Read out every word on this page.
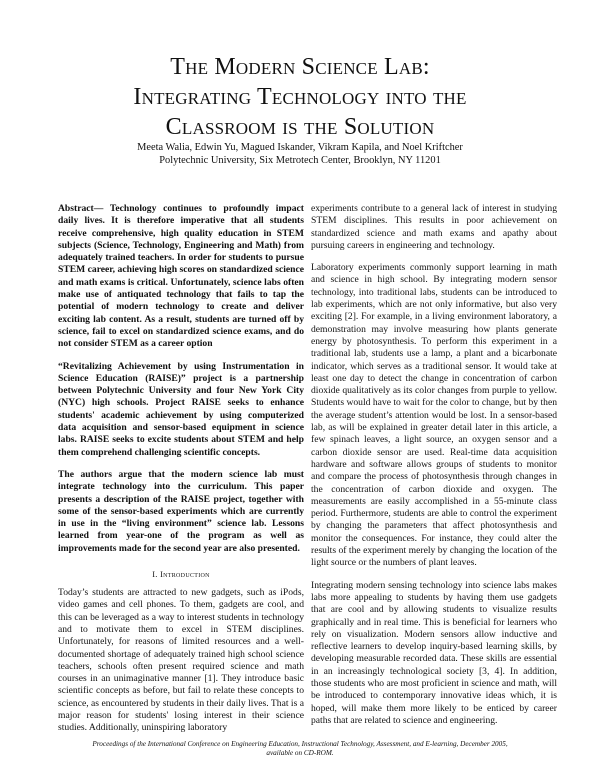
The Modern Science Lab:
Integrating Technology into the
Classroom is the Solution
Meeta Walia, Edwin Yu, Magued Iskander, Vikram Kapila, and Noel Kriftcher
Polytechnic University, Six Metrotech Center, Brooklyn, NY 11201

Abstract— Technology continues to profoundly impact daily lives. It is therefore imperative that all students receive comprehensive, high quality education in STEM subjects (Science, Technology, Engineering and Math) from adequately trained teachers. In order for students to pursue STEM career, achieving high scores on standardized science and math exams is critical. Unfortunately, science labs often make use of antiquated technology that fails to tap the potential of modern technology to create and deliver exciting lab content. As a result, students are turned off by science, fail to excel on standardized science exams, and do not consider STEM as a career option

“Revitalizing Achievement by using Instrumentation in Science Education (RAISE)” project is a partnership between Polytechnic University and four New York City (NYC) high schools. Project RAISE seeks to enhance students' academic achievement by using computerized data acquisition and sensor-based equipment in science labs. RAISE seeks to excite students about STEM and help them comprehend challenging scientific concepts.

The authors argue that the modern science lab must integrate technology into the curriculum. This paper presents a description of the RAISE project, together with some of the sensor-based experiments which are currently in use in the “living environment” science lab. Lessons learned from year-one of the program as well as improvements made for the second year are also presented.

I. Introduction

Today’s students are attracted to new gadgets, such as iPods, video games and cell phones. To them, gadgets are cool, and this can be leveraged as a way to interest students in technology and to motivate them to excel in STEM disciplines. Unfortunately, for reasons of limited resources and a well-documented shortage of adequately trained high school science teachers, schools often present required science and math courses in an unimaginative manner [1]. They introduce basic scientific concepts as before, but fail to relate these concepts to science, as encountered by students in their daily lives. That is a major reason for students' losing interest in their science studies. Additionally, uninspiring laboratory

experiments contribute to a general lack of interest in studying STEM disciplines. This results in poor achievement on standardized science and math exams and apathy about pursuing careers in engineering and technology.

Laboratory experiments commonly support learning in math and science in high school. By integrating modern sensor technology, into traditional labs, students can be introduced to lab experiments, which are not only informative, but also very exciting [2]. For example, in a living environment laboratory, a demonstration may involve measuring how plants generate energy by photosynthesis. To perform this experiment in a traditional lab, students use a lamp, a plant and a bicarbonate indicator, which serves as a traditional sensor. It would take at least one day to detect the change in concentration of carbon dioxide qualitatively as its color changes from purple to yellow. Students would have to wait for the color to change, but by then the average student’s attention would be lost. In a sensor-based lab, as will be explained in greater detail later in this article, a few spinach leaves, a light source, an oxygen sensor and a carbon dioxide sensor are used. Real-time data acquisition hardware and software allows groups of students to monitor and compare the process of photosynthesis through changes in the concentration of carbon dioxide and oxygen. The measurements are easily accomplished in a 55-minute class period. Furthermore, students are able to control the experiment by changing the parameters that affect photosynthesis and monitor the consequences. For instance, they could alter the results of the experiment merely by changing the location of the light source or the numbers of plant leaves.

Integrating modern sensing technology into science labs makes labs more appealing to students by having them use gadgets that are cool and by allowing students to visualize results graphically and in real time. This is beneficial for learners who rely on visualization. Modern sensors allow inductive and reflective learners to develop inquiry-based learning skills, by developing measurable recorded data. These skills are essential in an increasingly technological society [3, 4]. In addition, those students who are most proficient in science and math, will be introduced to contemporary innovative ideas which, it is hoped, will make them more likely to be enticed by career paths that are related to science and engineering.

Proceedings of the International Conference on Engineering Education, Instructional Technology, Assessment, and E-learning, December 2005,
available on CD-ROM.
